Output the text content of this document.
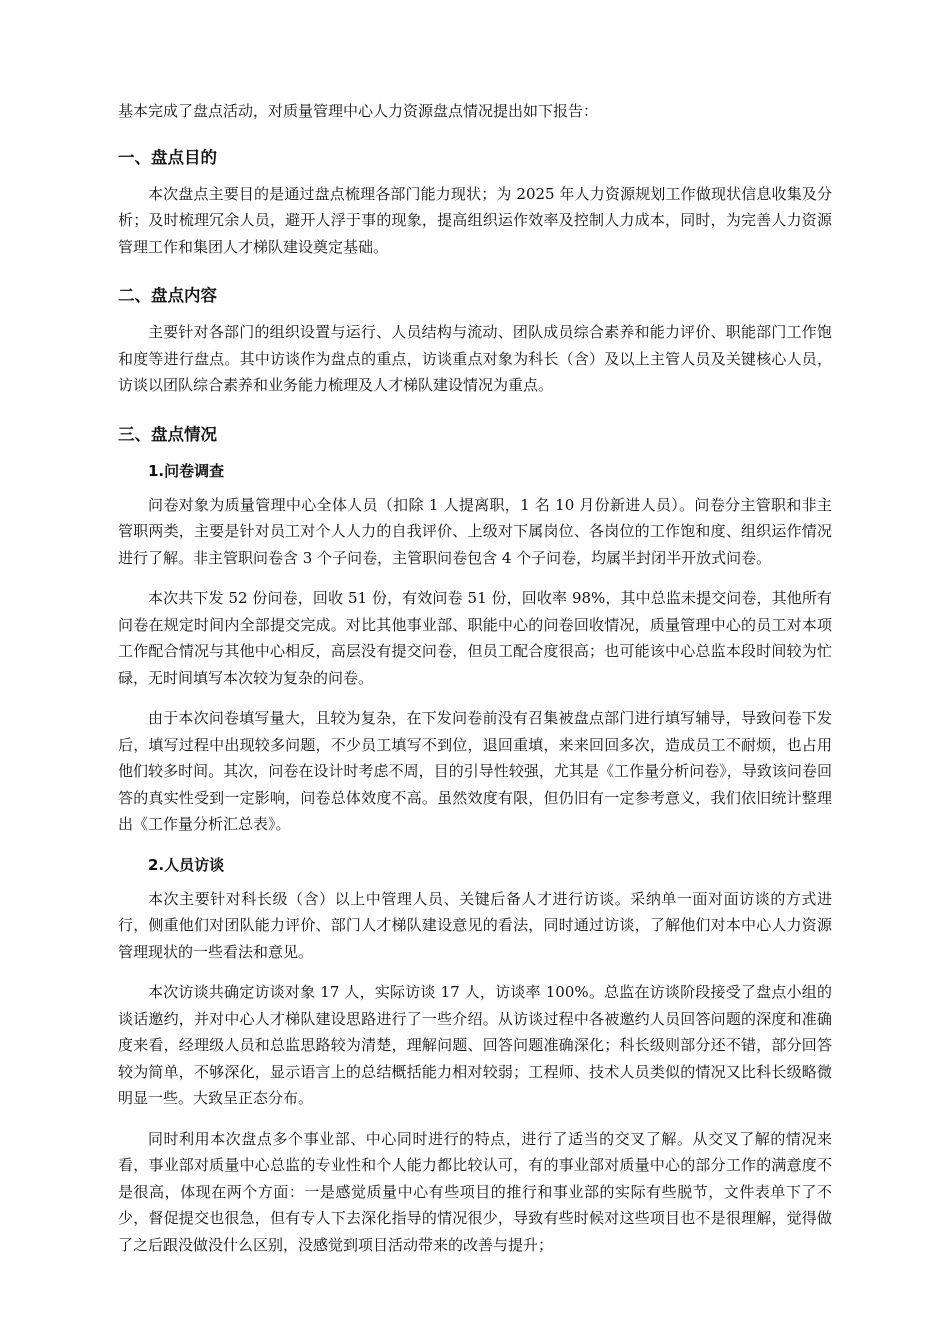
基本完成了盘点活动，对质量管理中心人力资源盘点情况提出如下报告：

一、盘点目的

本次盘点主要目的是通过盘点梳理各部门能力现状；为 2025 年人力资源规划工作做现状信息收集及分析；及时梳理冗余人员，避开人浮于事的现象，提高组织运作效率及控制人力成本，同时，为完善人力资源管理工作和集团人才梯队建设奠定基础。

二、盘点内容

主要针对各部门的组织设置与运行、人员结构与流动、团队成员综合素养和能力评价、职能部门工作饱和度等进行盘点。其中访谈作为盘点的重点，访谈重点对象为科长（含）及以上主管人员及关键核心人员，访谈以团队综合素养和业务能力梳理及人才梯队建设情况为重点。

三、盘点情况
1.问卷调查

问卷对象为质量管理中心全体人员（扣除 1 人提离职，1 名 10 月份新进人员）。问卷分主管职和非主管职两类，主要是针对员工对个人人力的自我评价、上级对下属岗位、各岗位的工作饱和度、组织运作情况进行了解。非主管职问卷含 3 个子问卷，主管职问卷包含 4 个子问卷，均属半封闭半开放式问卷。

本次共下发 52 份问卷，回收 51 份，有效问卷 51 份，回收率 98%，其中总监未提交问卷，其他所有问卷在规定时间内全部提交完成。对比其他事业部、职能中心的问卷回收情况，质量管理中心的员工对本项工作配合情况与其他中心相反，高层没有提交问卷，但员工配合度很高；也可能该中心总监本段时间较为忙碌，无时间填写本次较为复杂的问卷。

由于本次问卷填写量大，且较为复杂，在下发问卷前没有召集被盘点部门进行填写辅导，导致问卷下发后，填写过程中出现较多问题，不少员工填写不到位，退回重填，来来回回多次，造成员工不耐烦，也占用他们较多时间。其次，问卷在设计时考虑不周，目的引导性较强，尤其是《工作量分析问卷》，导致该问卷回答的真实性受到一定影响，问卷总体效度不高。虽然效度有限，但仍旧有一定参考意义，我们依旧统计整理出《工作量分析汇总表》。

2.人员访谈

本次主要针对科长级（含）以上中管理人员、关键后备人才进行访谈。采纳单一面对面访谈的方式进行，侧重他们对团队能力评价、部门人才梯队建设意见的看法，同时通过访谈，了解他们对本中心人力资源管理现状的一些看法和意见。

本次访谈共确定访谈对象 17 人，实际访谈 17 人，访谈率 100%。总监在访谈阶段接受了盘点小组的谈话邀约，并对中心人才梯队建设思路进行了一些介绍。从访谈过程中各被邀约人员回答问题的深度和准确度来看，经理级人员和总监思路较为清楚，理解问题、回答问题准确深化；科长级则部分还不错，部分回答较为简单，不够深化，显示语言上的总结概括能力相对较弱；工程师、技术人员类似的情况又比科长级略微明显一些。大致呈正态分布。

同时利用本次盘点多个事业部、中心同时进行的特点，进行了适当的交叉了解。从交叉了解的情况来看，事业部对质量中心总监的专业性和个人能力都比较认可，有的事业部对质量中心的部分工作的满意度不是很高，体现在两个方面：一是感觉质量中心有些项目的推行和事业部的实际有些脱节，文件表单下了不少，督促提交也很急，但有专人下去深化指导的情况很少，导致有些时候对这些项目也不是很理解，觉得做了之后跟没做没什么区别，没感觉到项目活动带来的改善与提升；
